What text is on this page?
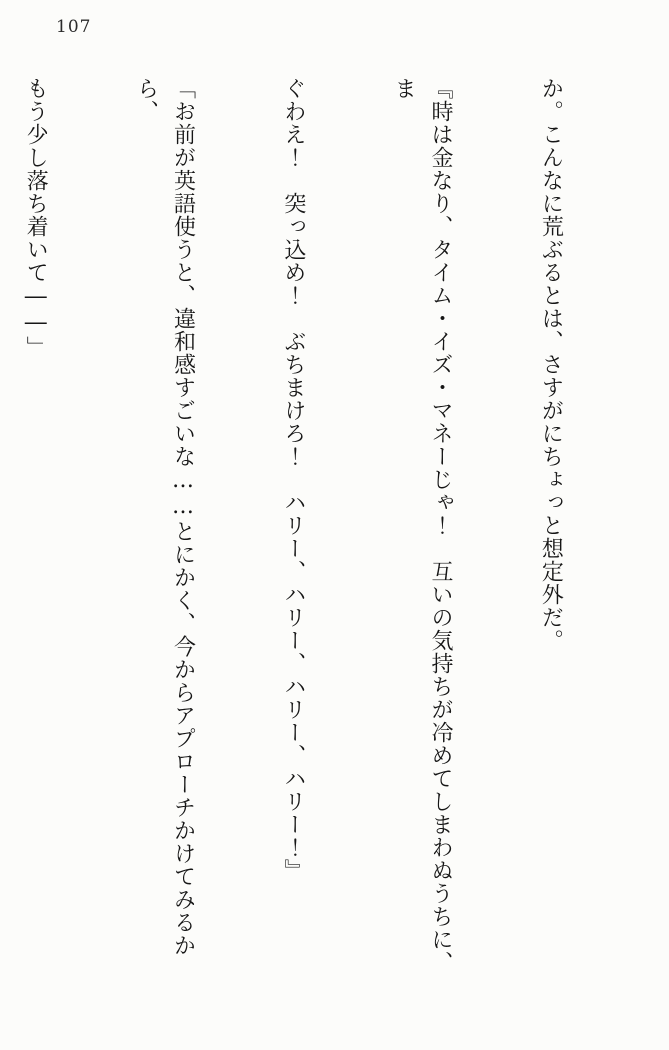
107

か。こんなに荒ぶるとは、さすがにちょっと想定外だ。

『時は金なり、タイム・イズ・マネーじゃ！　互いの気持ちが冷めてしまわぬうちに、ま

ぐわえ！　突っ込め！　ぶちまけろ！　ハリー、ハリー、ハリー、ハリー！』

「お前が英語使うと、違和感すごいな……とにかく、今からアプローチかけてみるから、

もう少し落ち着いて――」
